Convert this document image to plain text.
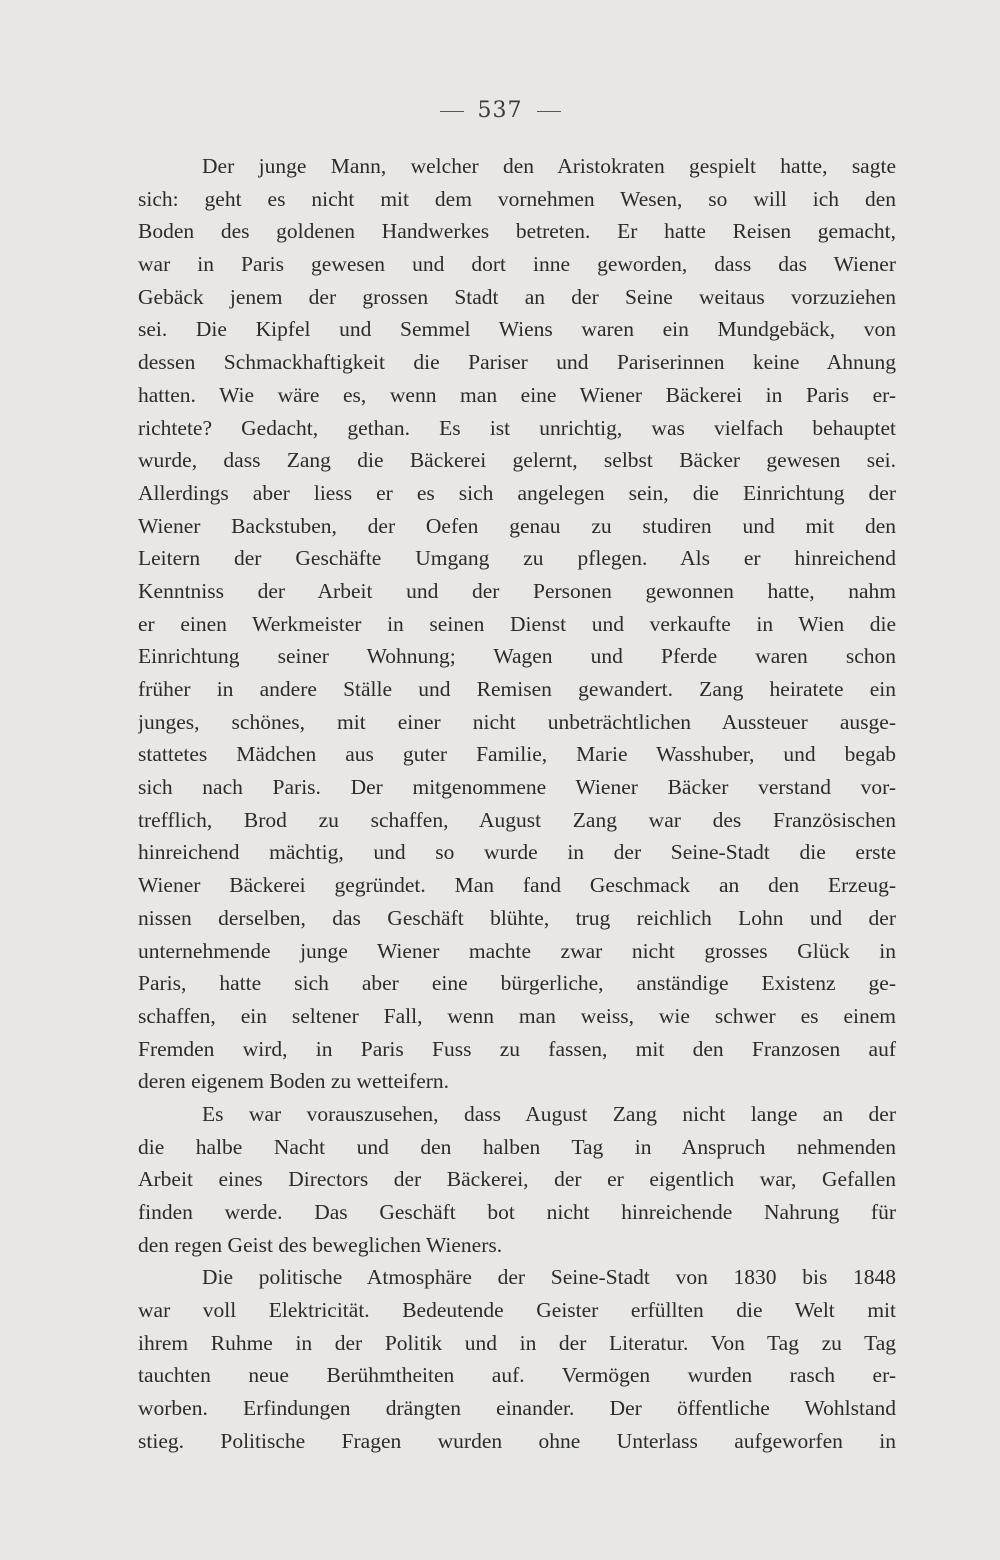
537
Der junge Mann, welcher den Aristokraten gespielt hatte, sagte
sich: geht es nicht mit dem vornehmen Wesen, so will ich den
Boden des goldenen Handwerkes betreten. Er hatte Reisen gemacht,
war in Paris gewesen und dort inne geworden, dass das Wiener
Gebäck jenem der grossen Stadt an der Seine weitaus vorzuziehen
sei. Die Kipfel und Semmel Wiens waren ein Mundgebäck, von
dessen Schmackhaftigkeit die Pariser und Pariserinnen keine Ahnung
hatten. Wie wäre es, wenn man eine Wiener Bäckerei in Paris er-
richtete? Gedacht, gethan. Es ist unrichtig, was vielfach behauptet
wurde, dass Zang die Bäckerei gelernt, selbst Bäcker gewesen sei.
Allerdings aber liess er es sich angelegen sein, die Einrichtung der
Wiener Backstuben, der Oefen genau zu studiren und mit den
Leitern der Geschäfte Umgang zu pflegen. Als er hinreichend
Kenntniss der Arbeit und der Personen gewonnen hatte, nahm
er einen Werkmeister in seinen Dienst und verkaufte in Wien die
Einrichtung seiner Wohnung; Wagen und Pferde waren schon
früher in andere Ställe und Remisen gewandert. Zang heiratete ein
junges, schönes, mit einer nicht unbeträchtlichen Aussteuer ausge-
stattetes Mädchen aus guter Familie, Marie Wasshuber, und begab
sich nach Paris. Der mitgenommene Wiener Bäcker verstand vor-
trefflich, Brod zu schaffen, August Zang war des Französischen
hinreichend mächtig, und so wurde in der Seine-Stadt die erste
Wiener Bäckerei gegründet. Man fand Geschmack an den Erzeug-
nissen derselben, das Geschäft blühte, trug reichlich Lohn und der
unternehmende junge Wiener machte zwar nicht grosses Glück in
Paris, hatte sich aber eine bürgerliche, anständige Existenz ge-
schaffen, ein seltener Fall, wenn man weiss, wie schwer es einem
Fremden wird, in Paris Fuss zu fassen, mit den Franzosen auf
deren eigenem Boden zu wetteifern.
Es war vorauszusehen, dass August Zang nicht lange an der
die halbe Nacht und den halben Tag in Anspruch nehmenden
Arbeit eines Directors der Bäckerei, der er eigentlich war, Gefallen
finden werde. Das Geschäft bot nicht hinreichende Nahrung für
den regen Geist des beweglichen Wieners.
Die politische Atmosphäre der Seine-Stadt von 1830 bis 1848
war voll Elektricität. Bedeutende Geister erfüllten die Welt mit
ihrem Ruhme in der Politik und in der Literatur. Von Tag zu Tag
tauchten neue Berühmtheiten auf. Vermögen wurden rasch er-
worben. Erfindungen drängten einander. Der öffentliche Wohlstand
stieg. Politische Fragen wurden ohne Unterlass aufgeworfen in
